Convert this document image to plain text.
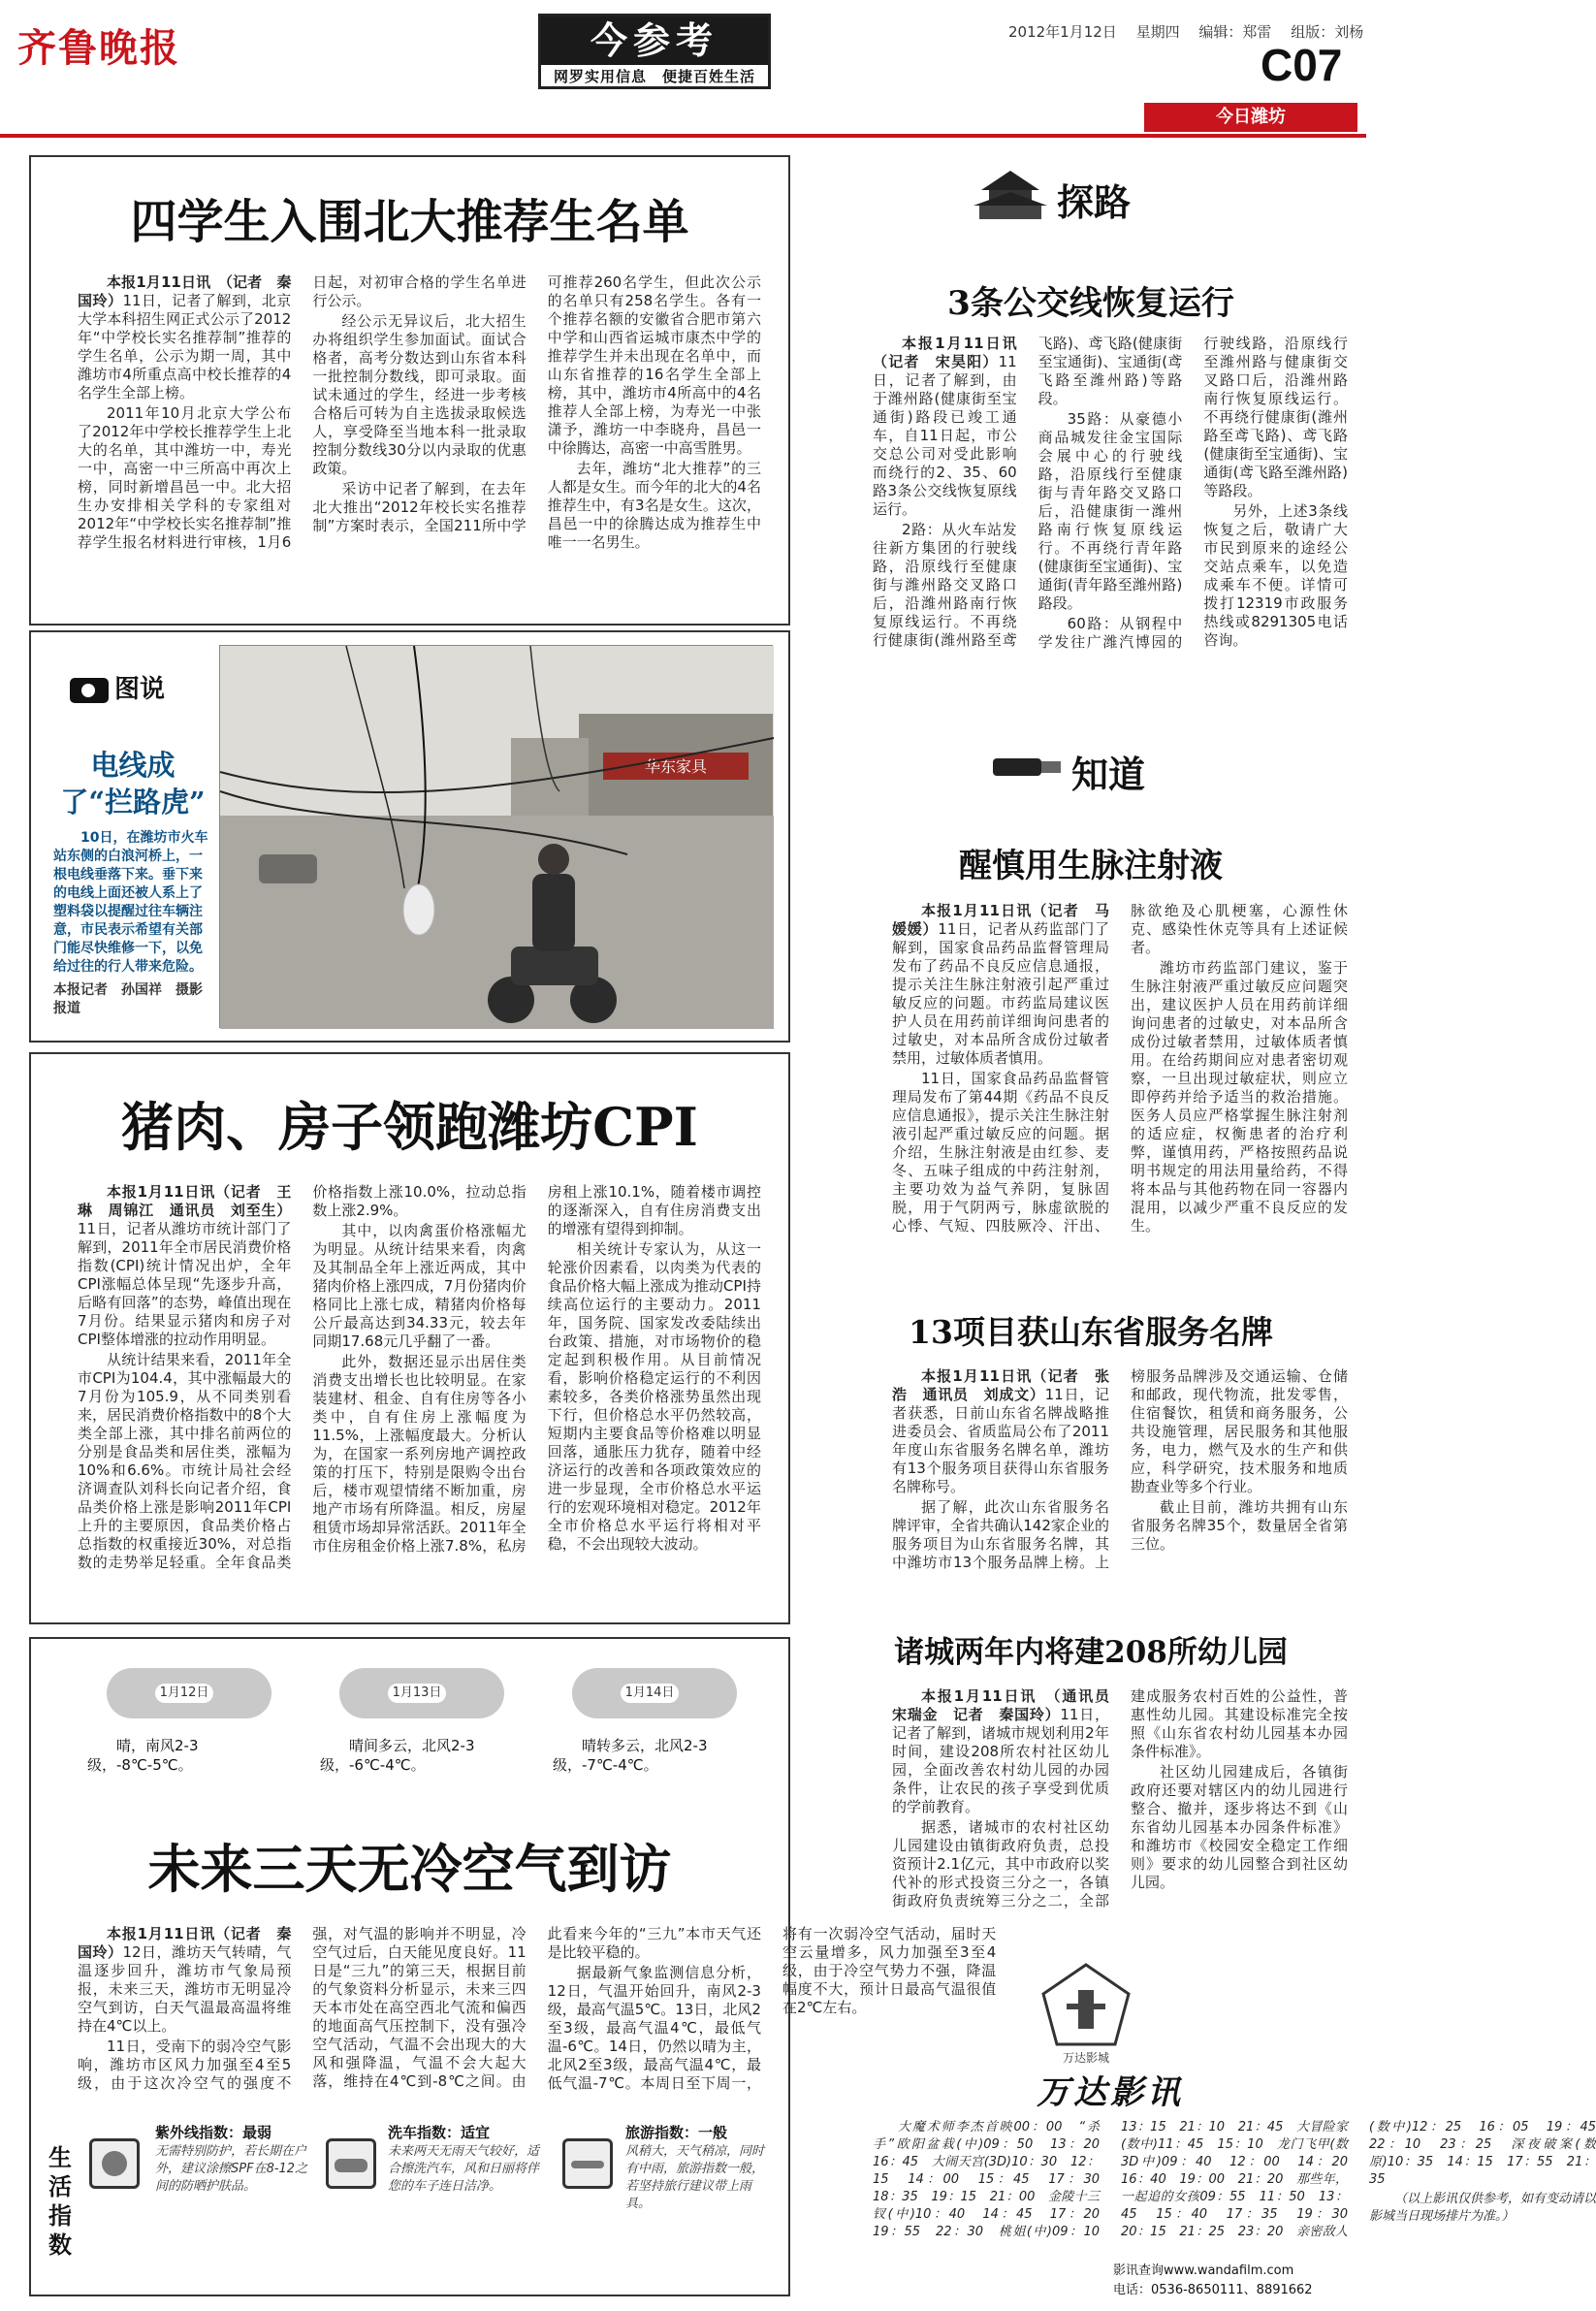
齐鲁晚报	今参考
网罗实用信息　便捷百姓生活
2012年1月12日　 星期四　 编辑：郑雷　 组版：刘杨
C07
今日潍坊
四学生入围北大推荐生名单

本报1月11日讯　（记者　秦国玲）11日，记者了解到，北京大学本科招生网正式公示了2012年“中学校长实名推荐制”推荐的学生名单，公示为期一周，其中潍坊市4所重点高中校长推荐的4名学生全部上榜。

2011年10月北京大学公布了2012年中学校长推荐学生上北大的名单，其中潍坊一中，寿光一中，高密一中三所高中再次上榜，同时新增昌邑一中。北大招生办安排相关学科的专家组对2012年“中学校长实名推荐制”推荐学生报名材料进行审核，1月6日起，对初审合格的学生名单进行公示。

经公示无异议后，北大招生办将组织学生参加面试。面试合格者，高考分数达到山东省本科一批控制分数线，即可录取。面试未通过的学生，经进一步考核合格后可转为自主选拔录取候选人，享受降至当地本科一批录取控制分数线30分以内录取的优惠政策。

采访中记者了解到，在去年北大推出“2012年校长实名推荐制”方案时表示，全国211所中学可推荐260名学生，但此次公示的名单只有258名学生。各有一个推荐名额的安徽省合肥市第六中学和山西省运城市康杰中学的推荐学生并未出现在名单中，而山东省推荐的16名学生全部上榜，其中，潍坊市4所高中的4名推荐人全部上榜，为寿光一中张潇予，潍坊一中李晓舟，昌邑一中徐腾达，高密一中高雪胜男。

去年，潍坊“北大推荐”的三人都是女生。而今年的北大的4名推荐生中，有3名是女生。这次，昌邑一中的徐腾达成为推荐生中唯一一名男生。

图说
电线成了“拦路虎”
10日，在潍坊市火车站东侧的白浪河桥上，一根电线垂落下来。垂下来的电线上面还被人系上了塑料袋以提醒过往车辆注意，市民表示希望有关部门能尽快维修一下，以免给过往的行人带来危险。
本报记者　孙国祥　摄影报道
华东家具
猪肉、房子领跑潍坊CPI

本报1月11日讯（记者　王琳　周锦江　通讯员　刘至生）11日，记者从潍坊市统计部门了解到，2011年全市居民消费价格指数(CPI)统计情况出炉，全年CPI涨幅总体呈现“先逐步升高，后略有回落”的态势，峰值出现在7月份。结果显示猪肉和房子对CPI整体增涨的拉动作用明显。

从统计结果来看，2011年全市CPI为104.4，其中涨幅最大的7月份为105.9，从不同类别看来，居民消费价格指数中的8个大类全部上涨，其中排名前两位的分别是食品类和居住类，涨幅为10%和6.6%。市统计局社会经济调查队刘科长向记者介绍，食品类价格上涨是影响2011年CPI上升的主要原因，食品类价格占总指数的权重接近30%，对总指数的走势举足轻重。全年食品类价格指数上涨10.0%，拉动总指数上涨2.9%。

其中，以肉禽蛋价格涨幅尤为明显。从统计结果来看，肉禽及其制品全年上涨近两成，其中猪肉价格上涨四成，7月份猪肉价格同比上涨七成，精猪肉价格每公斤最高达到34.33元，较去年同期17.68元几乎翻了一番。

此外，数据还显示出居住类消费支出增长也比较明显。在家装建材、租金、自有住房等各小类中，自有住房上涨幅度为11.5%，上涨幅度最大。分析认为，在国家一系列房地产调控政策的打压下，特别是限购令出台后，楼市观望情绪不断加重，房地产市场有所降温。相反，房屋租赁市场却异常活跃。2011年全市住房租金价格上涨7.8%，私房房租上涨10.1%，随着楼市调控的逐渐深入，自有住房消费支出的增涨有望得到抑制。

相关统计专家认为，从这一轮涨价因素看，以肉类为代表的食品价格大幅上涨成为推动CPI持续高位运行的主要动力。2011年，国务院、国家发改委陆续出台政策、措施，对市场物价的稳定起到积极作用。从目前情况看，影响价格稳定运行的不利因素较多，各类价格涨势虽然出现下行，但价格总水平仍然较高，短期内主要食品等价格难以明显回落，通胀压力犹存，随着中经济运行的改善和各项政策效应的进一步显现，全市价格总水平运行的宏观环境相对稳定。2012年全市价格总水平运行将相对平稳，不会出现较大波动。

1月12日
晴，南风2-3级，-8℃-5℃。
1月13日
晴间多云，北风2-3级，-6℃-4℃。
1月14日
晴转多云，北风2-3级，-7℃-4℃。
未来三天无冷空气到访

本报1月11日讯（记者　秦国玲）12日，潍坊天气转晴，气温逐步回升，潍坊市气象局预报，未来三天，潍坊市无明显冷空气到访，白天气温最高温将维持在4℃以上。

11日，受南下的弱冷空气影响，潍坊市区风力加强至4至5级，由于这次冷空气的强度不强，对气温的影响并不明显，冷空气过后，白天能见度良好。11日是“三九”的第三天，根据目前的气象资料分析显示，未来三四天本市处在高空西北气流和偏西的地面高气压控制下，没有强冷空气活动，气温不会出现大的大风和强降温，气温不会大起大落，维持在4℃到-8℃之间。由此看来今年的“三九”本市天气还是比较平稳的。

据最新气象监测信息分析，12日，气温开始回升，南风2-3级，最高气温5℃。13日，北风2至3级，最高气温4℃，最低气温-6℃。14日，仍然以晴为主，北风2至3级，最高气温4℃，最低气温-7℃。本周日至下周一，将有一次弱冷空气活动，届时天空云量增多，风力加强至3至4级，由于冷空气势力不强，降温幅度不大，预计日最高气温很值在2℃左右。

生活指数
紫外线指数：最弱
无需特别防护，若长期在户外，建议涂擦SPF在8-12之间的防晒护肤品。
洗车指数：适宜
未来两天无雨天气较好，适合擦洗汽车，风和日丽将伴您的车子连日洁净。
旅游指数：一般
风稍大，天气稍凉，同时有中雨，旅游指数一般，若坚持旅行建议带上雨具。
探路
3条公交线恢复运行

本报1月11日讯（记者　宋昊阳）11日，记者了解到，由于潍州路(健康街至宝通街)路段已竣工通车，自11日起，市公交总公司对受此影响而绕行的2、35、60路3条公交线恢复原线运行。

2路：从火车站发往新方集团的行驶线路，沿原线行至健康街与潍州路交叉路口后，沿潍州路南行恢复原线运行。不再绕行健康街(潍州路至鸢飞路)、鸢飞路(健康街至宝通街)、宝通街(鸢飞路至潍州路)等路段。

35路：从豪德小商品城发往金宝国际会展中心的行驶线路，沿原线行至健康街与青年路交叉路口后，沿健康街一潍州路南行恢复原线运行。不再绕行青年路(健康街至宝通街)、宝通街(青年路至潍州路)路段。

60路：从钢程中学发往广潍汽博园的行驶线路，沿原线行至潍州路与健康街交叉路口后，沿潍州路南行恢复原线运行。不再绕行健康街(潍州路至鸢飞路)、鸢飞路(健康街至宝通街)、宝通街(鸢飞路至潍州路)等路段。

另外，上述3条线恢复之后，敬请广大市民到原来的途经公交站点乘车，以免造成乘车不便。详情可拨打12319市政服务热线或8291305电话咨询。

知道
醒慎用生脉注射液

本报1月11日讯（记者　马媛媛）11日，记者从药监部门了解到，国家食品药品监督管理局发布了药品不良反应信息通报，提示关注生脉注射液引起严重过敏反应的问题。市药监局建议医护人员在用药前详细询问患者的过敏史，对本品所含成份过敏者禁用，过敏体质者慎用。

11日，国家食品药品监督管理局发布了第44期《药品不良反应信息通报》，提示关注生脉注射液引起严重过敏反应的问题。据介绍，生脉注射液是由红参、麦冬、五味子组成的中药注射剂，主要功效为益气养阴，复脉固脱，用于气阴两亏，脉虚欲脱的心悸、气短、四肢厥冷、汗出、脉欲绝及心肌梗塞，心源性休克、感染性休克等具有上述证候者。

潍坊市药监部门建议，鉴于生脉注射液严重过敏反应问题突出，建议医护人员在用药前详细询问患者的过敏史，对本品所含成份过敏者禁用，过敏体质者慎用。在给药期间应对患者密切观察，一旦出现过敏症状，则应立即停药并给予适当的救治措施。医务人员应严格掌握生脉注射剂的适应症，权衡患者的治疗利弊，谨慎用药，严格按照药品说明书规定的用法用量给药，不得将本品与其他药物在同一容器内混用，以减少严重不良反应的发生。

13项目获山东省服务名牌

本报1月11日讯（记者　张浩　通讯员　刘成文）11日，记者获悉，日前山东省名牌战略推进委员会、省质监局公布了2011年度山东省服务名牌名单，潍坊有13个服务项目获得山东省服务名牌称号。

据了解，此次山东省服务名牌评审，全省共确认142家企业的服务项目为山东省服务名牌，其中潍坊市13个服务品牌上榜。上榜服务品牌涉及交通运输、仓储和邮政，现代物流，批发零售，住宿餐饮，租赁和商务服务，公共设施管理，居民服务和其他服务，电力，燃气及水的生产和供应，科学研究，技术服务和地质勘查业等多个行业。

截止目前，潍坊共拥有山东省服务名牌35个，数量居全省第三位。

诸城两年内将建208所幼儿园

本报1月11日讯　（通讯员　宋瑞金　记者　秦国玲）11日，记者了解到，诸城市规划利用2年时间，建设208所农村社区幼儿园，全面改善农村幼儿园的办园条件，让农民的孩子享受到优质的学前教育。

据悉，诸城市的农村社区幼儿园建设由镇街政府负责，总投资预计2.1亿元，其中市政府以奖代补的形式投资三分之一，各镇街政府负责统筹三分之二，全部建成服务农村百姓的公益性，普惠性幼儿园。其建设标准完全按照《山东省农村幼儿园基本办园条件标准》。

社区幼儿园建成后，各镇街政府还要对辖区内的幼儿园进行整合、撤并，逐步将达不到《山东省幼儿园基本办园条件标准》和潍坊市《校园安全稳定工作细则》要求的幼儿园整合到社区幼儿园。

万达影城
万达影讯

大魔术师李杰首映00：00　“杀手”欧阳盆栽(中)09：50　13：20　16：45　大闹天宫(3D)10：30　12：15　14：00　15：45　17：30　18：35　19：15　21：00　金陵十三钗(中)10：40　14：45　17：20　19：55　22：30　桃姐(中)09：10　13：15　21：10　21：45　大冒险家(数中)11：45　15：10　龙门飞甲(数3D中)09：40　12：00　14：20　16：40　19：00　21：20　那些年，一起追的女孩09：55　11：50　13：45　15：40　17：35　19：30　20：15　21：25　23：20　亲密敌人(数中)12：25　16：05　19：45　22：10　23：25　深夜破案(数原)10：35　14：15　17：55　21：35

（以上影讯仅供参考，如有变动请以影城当日现场排片为准。）

影讯查询www.wandafilm.com
电话：0536-8650111、8891662
